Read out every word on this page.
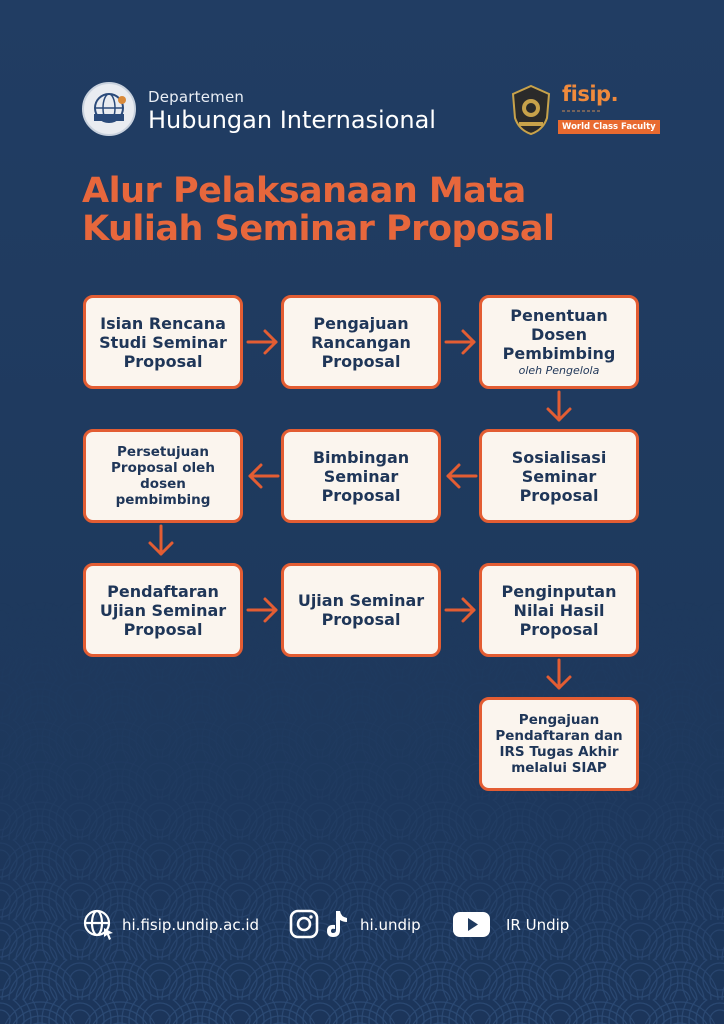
Departemen
Hubungan Internasional
fisip.
World Class Faculty
Alur Pelaksanaan Mata
Kuliah Seminar Proposal
Isian Rencana Studi Seminar Proposal
Pengajuan Rancangan Proposal
Penentuan Dosen Pembimbing
oleh Pengelola
Sosialisasi Seminar Proposal
Bimbingan Seminar Proposal
Persetujuan Proposal oleh dosen pembimbing
Pendaftaran Ujian Seminar Proposal
Ujian Seminar Proposal
Penginputan Nilai Hasil Proposal
Pengajuan Pendaftaran dan IRS Tugas Akhir melalui SIAP
hi.fisip.undip.ac.id	hi.undip	IR Undip
